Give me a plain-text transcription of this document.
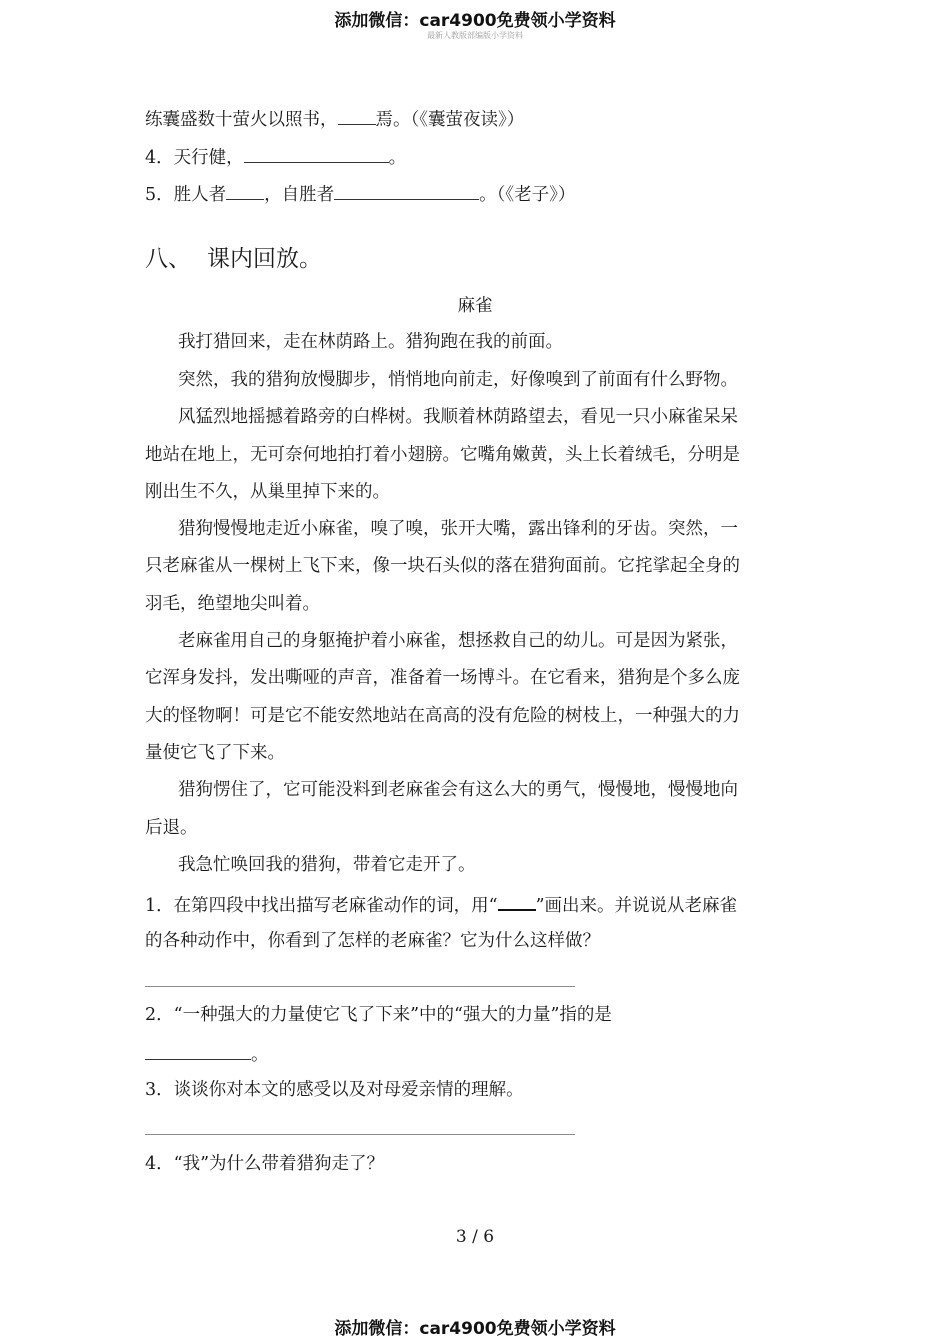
添加微信：car4900免费领小学资料
最新人教版部编版小学资料
练囊盛数十萤火以照书， 焉。（《囊萤夜读》）
4．天行健，	。
5．胜人者 ，自胜者	。（《老子》）
八、 课内回放。
麻雀
我打猎回来，走在林荫路上。猎狗跑在我的前面。
突然，我的猎狗放慢脚步，悄悄地向前走，好像嗅到了前面有什么野物。
风猛烈地摇撼着路旁的白桦树。我顺着林荫路望去，看见一只小麻雀呆呆
地站在地上，无可奈何地拍打着小翅膀。它嘴角嫩黄，头上长着绒毛，分明是
刚出生不久，从巢里掉下来的。
猎狗慢慢地走近小麻雀，嗅了嗅，张开大嘴，露出锋利的牙齿。突然，一
只老麻雀从一棵树上飞下来，像一块石头似的落在猎狗面前。它挓挲起全身的
羽毛，绝望地尖叫着。
老麻雀用自己的身躯掩护着小麻雀，想拯救自己的幼儿。可是因为紧张，
它浑身发抖，发出嘶哑的声音，准备着一场博斗。在它看来，猎狗是个多么庞
大的怪物啊！可是它不能安然地站在高高的没有危险的树枝上，一种强大的力
量使它飞了下来。
猎狗愣住了，它可能没料到老麻雀会有这么大的勇气，慢慢地，慢慢地向
后退。
我急忙唤回我的猎狗，带着它走开了。
1．在第四段中找出描写老麻雀动作的词，用“ ”画出来。并说说从老麻雀
的各种动作中，你看到了怎样的老麻雀？它为什么这样做？
2．“一种强大的力量使它飞了下来”中的“强大的力量”指的是
。
3．谈谈你对本文的感受以及对母爱亲情的理解。
4．“我”为什么带着猎狗走了？
3 / 6
添加微信：car4900免费领小学资料
